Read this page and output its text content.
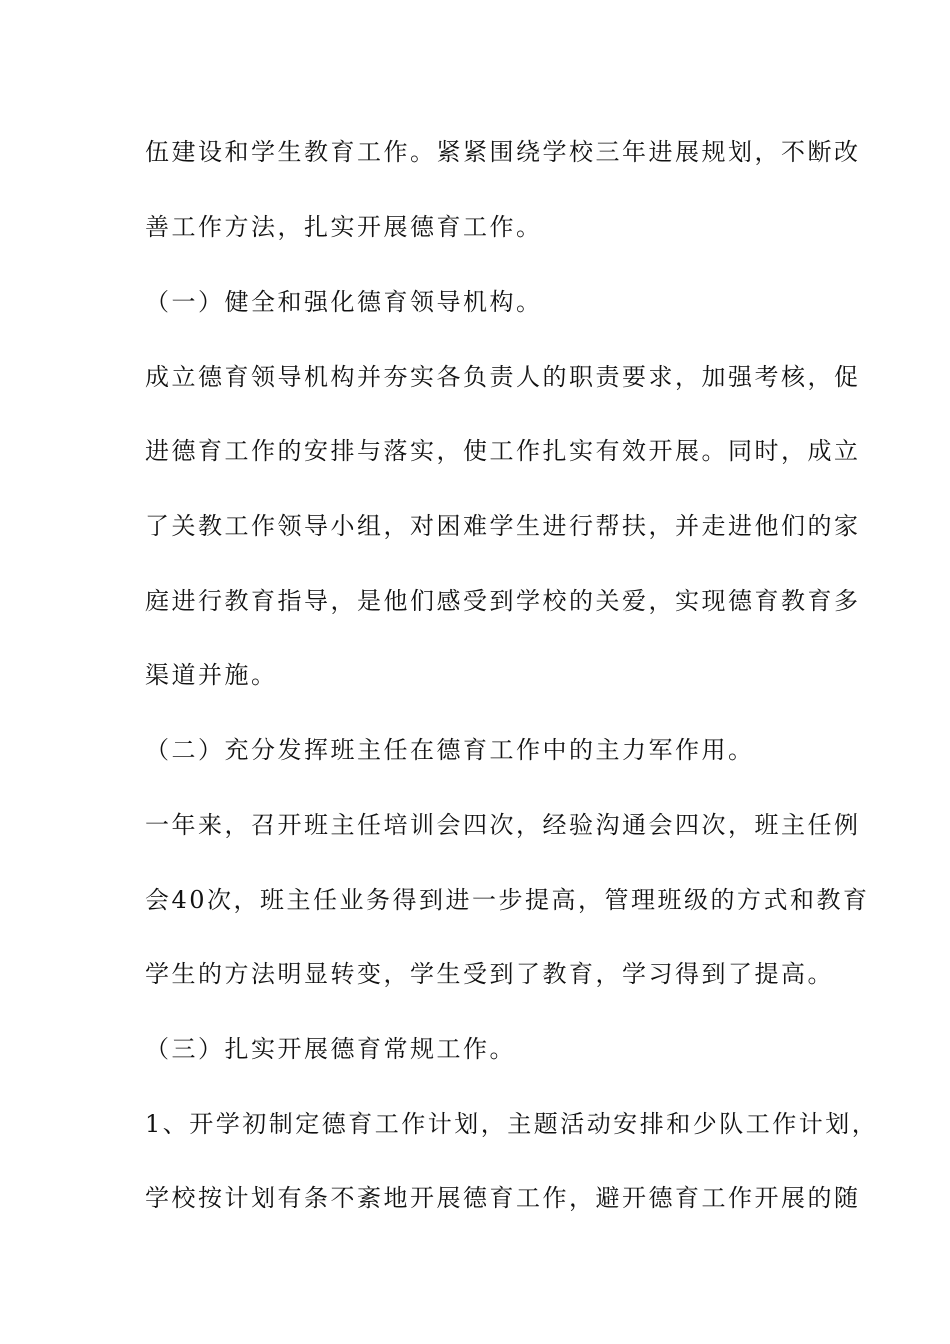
伍建设和学生教育工作。紧紧围绕学校三年进展规划，不断改
善工作方法，扎实开展德育工作。
（一）健全和强化德育领导机构。
成立德育领导机构并夯实各负责人的职责要求，加强考核，促
进德育工作的安排与落实，使工作扎实有效开展。同时，成立
了关教工作领导小组，对困难学生进行帮扶，并走进他们的家
庭进行教育指导，是他们感受到学校的关爱，实现德育教育多
渠道并施。
（二）充分发挥班主任在德育工作中的主力军作用。
一年来，召开班主任培训会四次，经验沟通会四次，班主任例
会40次，班主任业务得到进一步提高，管理班级的方式和教育
学生的方法明显转变，学生受到了教育，学习得到了提高。
（三）扎实开展德育常规工作。
1、开学初制定德育工作计划，主题活动安排和少队工作计划，
学校按计划有条不紊地开展德育工作，避开德育工作开展的随
